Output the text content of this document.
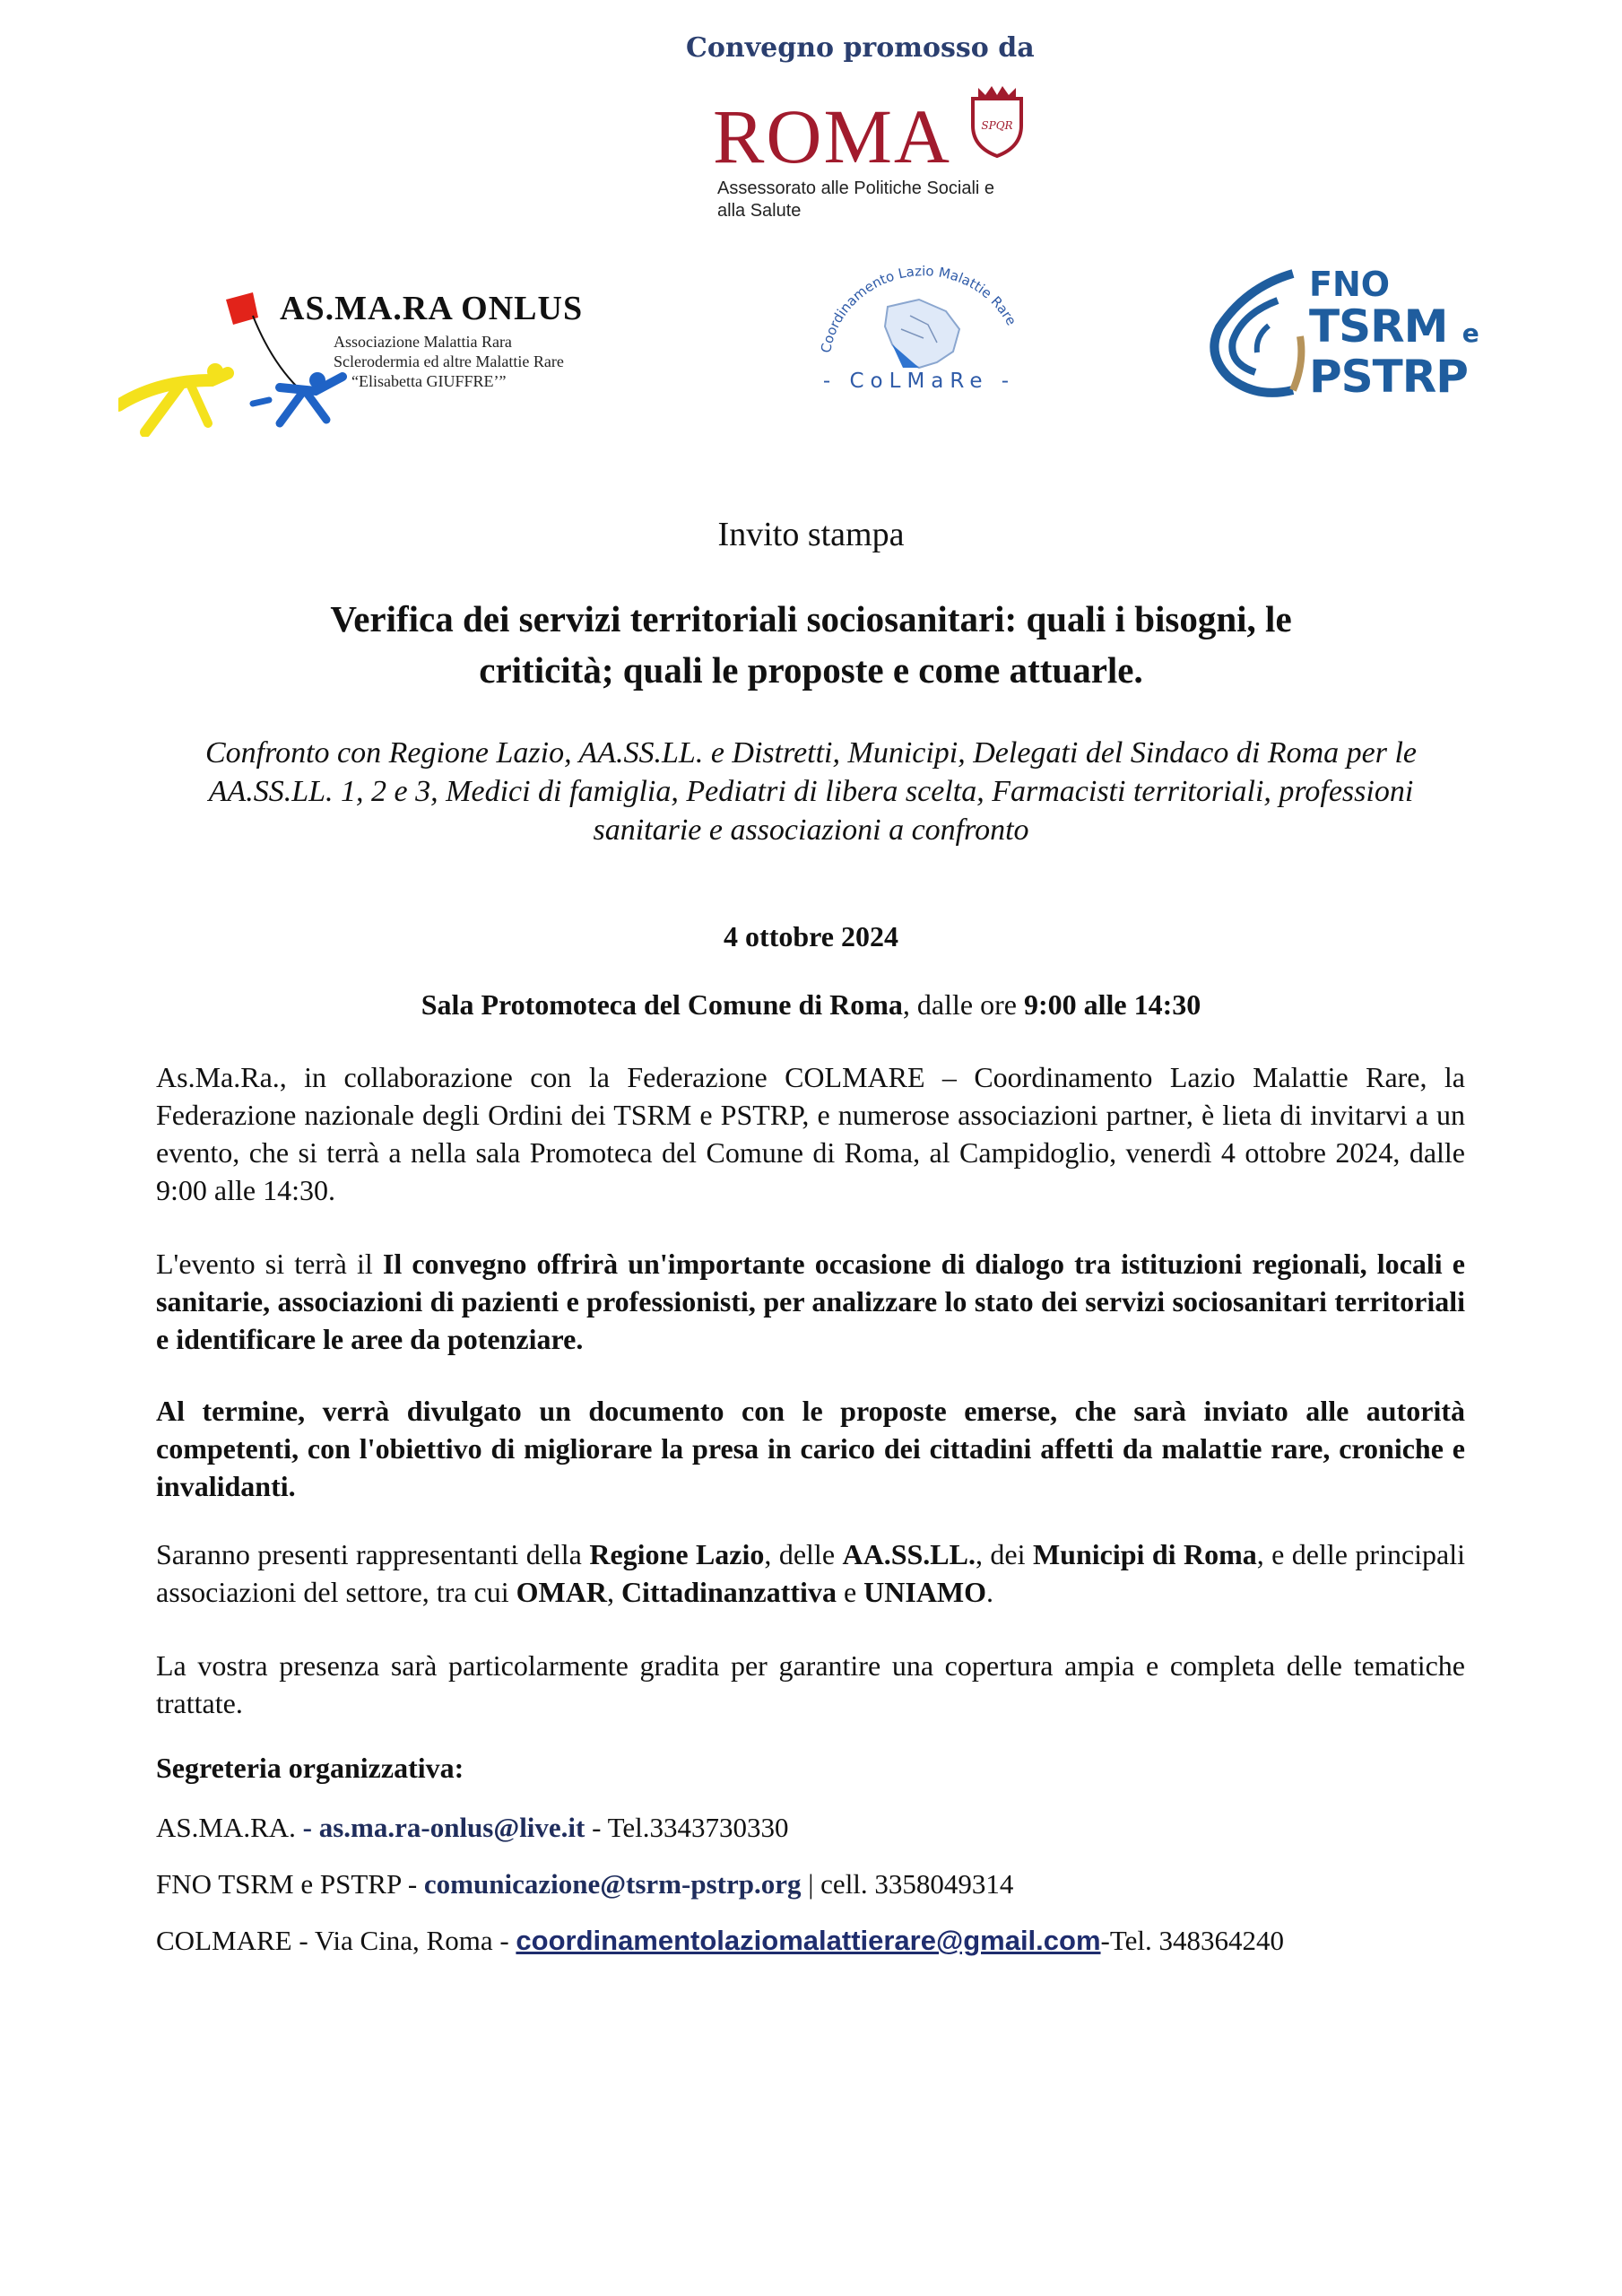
Convegno promosso da
ROMA	SPQR
Assessorato alle Politiche Sociali e
alla Salute
AS.MA.RA ONLUS
Associazione Malattia Rara
Sclerodermia ed altre Malattie Rare
“Elisabetta GIUFFRE’”
Coordinamento Lazio Malattie Rare
- CoLMaRe -
FNO
TSRM e
PSTRP
Invito stampa
Verifica dei servizi territoriali sociosanitari: quali i bisogni, le
criticità; quali le proposte e come attuarle.
Confronto con Regione Lazio, AA.SS.LL. e Distretti, Municipi, Delegati del Sindaco di Roma per le AA.SS.LL. 1, 2 e 3, Medici di famiglia, Pediatri di libera scelta, Farmacisti territoriali, professioni sanitarie e associazioni a confronto
4 ottobre 2024
Sala Protomoteca del Comune di Roma, dalle ore 9:00 alle 14:30
As.Ma.Ra., in collaborazione con la Federazione COLMARE – Coordinamento Lazio Malattie Rare, la Federazione nazionale degli Ordini dei TSRM e PSTRP, e numerose associazioni partner, è lieta di invitarvi a un evento, che si terrà a nella sala Promoteca del Comune di Roma, al Campidoglio, venerdì 4 ottobre 2024, dalle 9:00 alle 14:30.
L'evento si terrà il Il convegno offrirà un'importante occasione di dialogo tra istituzioni regionali, locali e sanitarie, associazioni di pazienti e professionisti, per analizzare lo stato dei servizi sociosanitari territoriali e identificare le aree da potenziare.
Al termine, verrà divulgato un documento con le proposte emerse, che sarà inviato alle autorità competenti, con l'obiettivo di migliorare la presa in carico dei cittadini affetti da malattie rare, croniche e invalidanti.
Saranno presenti rappresentanti della Regione Lazio, delle AA.SS.LL., dei Municipi di Roma, e delle principali associazioni del settore, tra cui OMAR, Cittadinanzattiva e UNIAMO.
La vostra presenza sarà particolarmente gradita per garantire una copertura ampia e completa delle tematiche trattate.
Segreteria organizzativa:
AS.MA.RA. - as.ma.ra-onlus@live.it - Tel.3343730330
FNO TSRM e PSTRP - comunicazione@tsrm-pstrp.org | cell. 3358049314
COLMARE - Via Cina, Roma - coordinamentolaziomalattierare@gmail.com-Tel. 348364240
